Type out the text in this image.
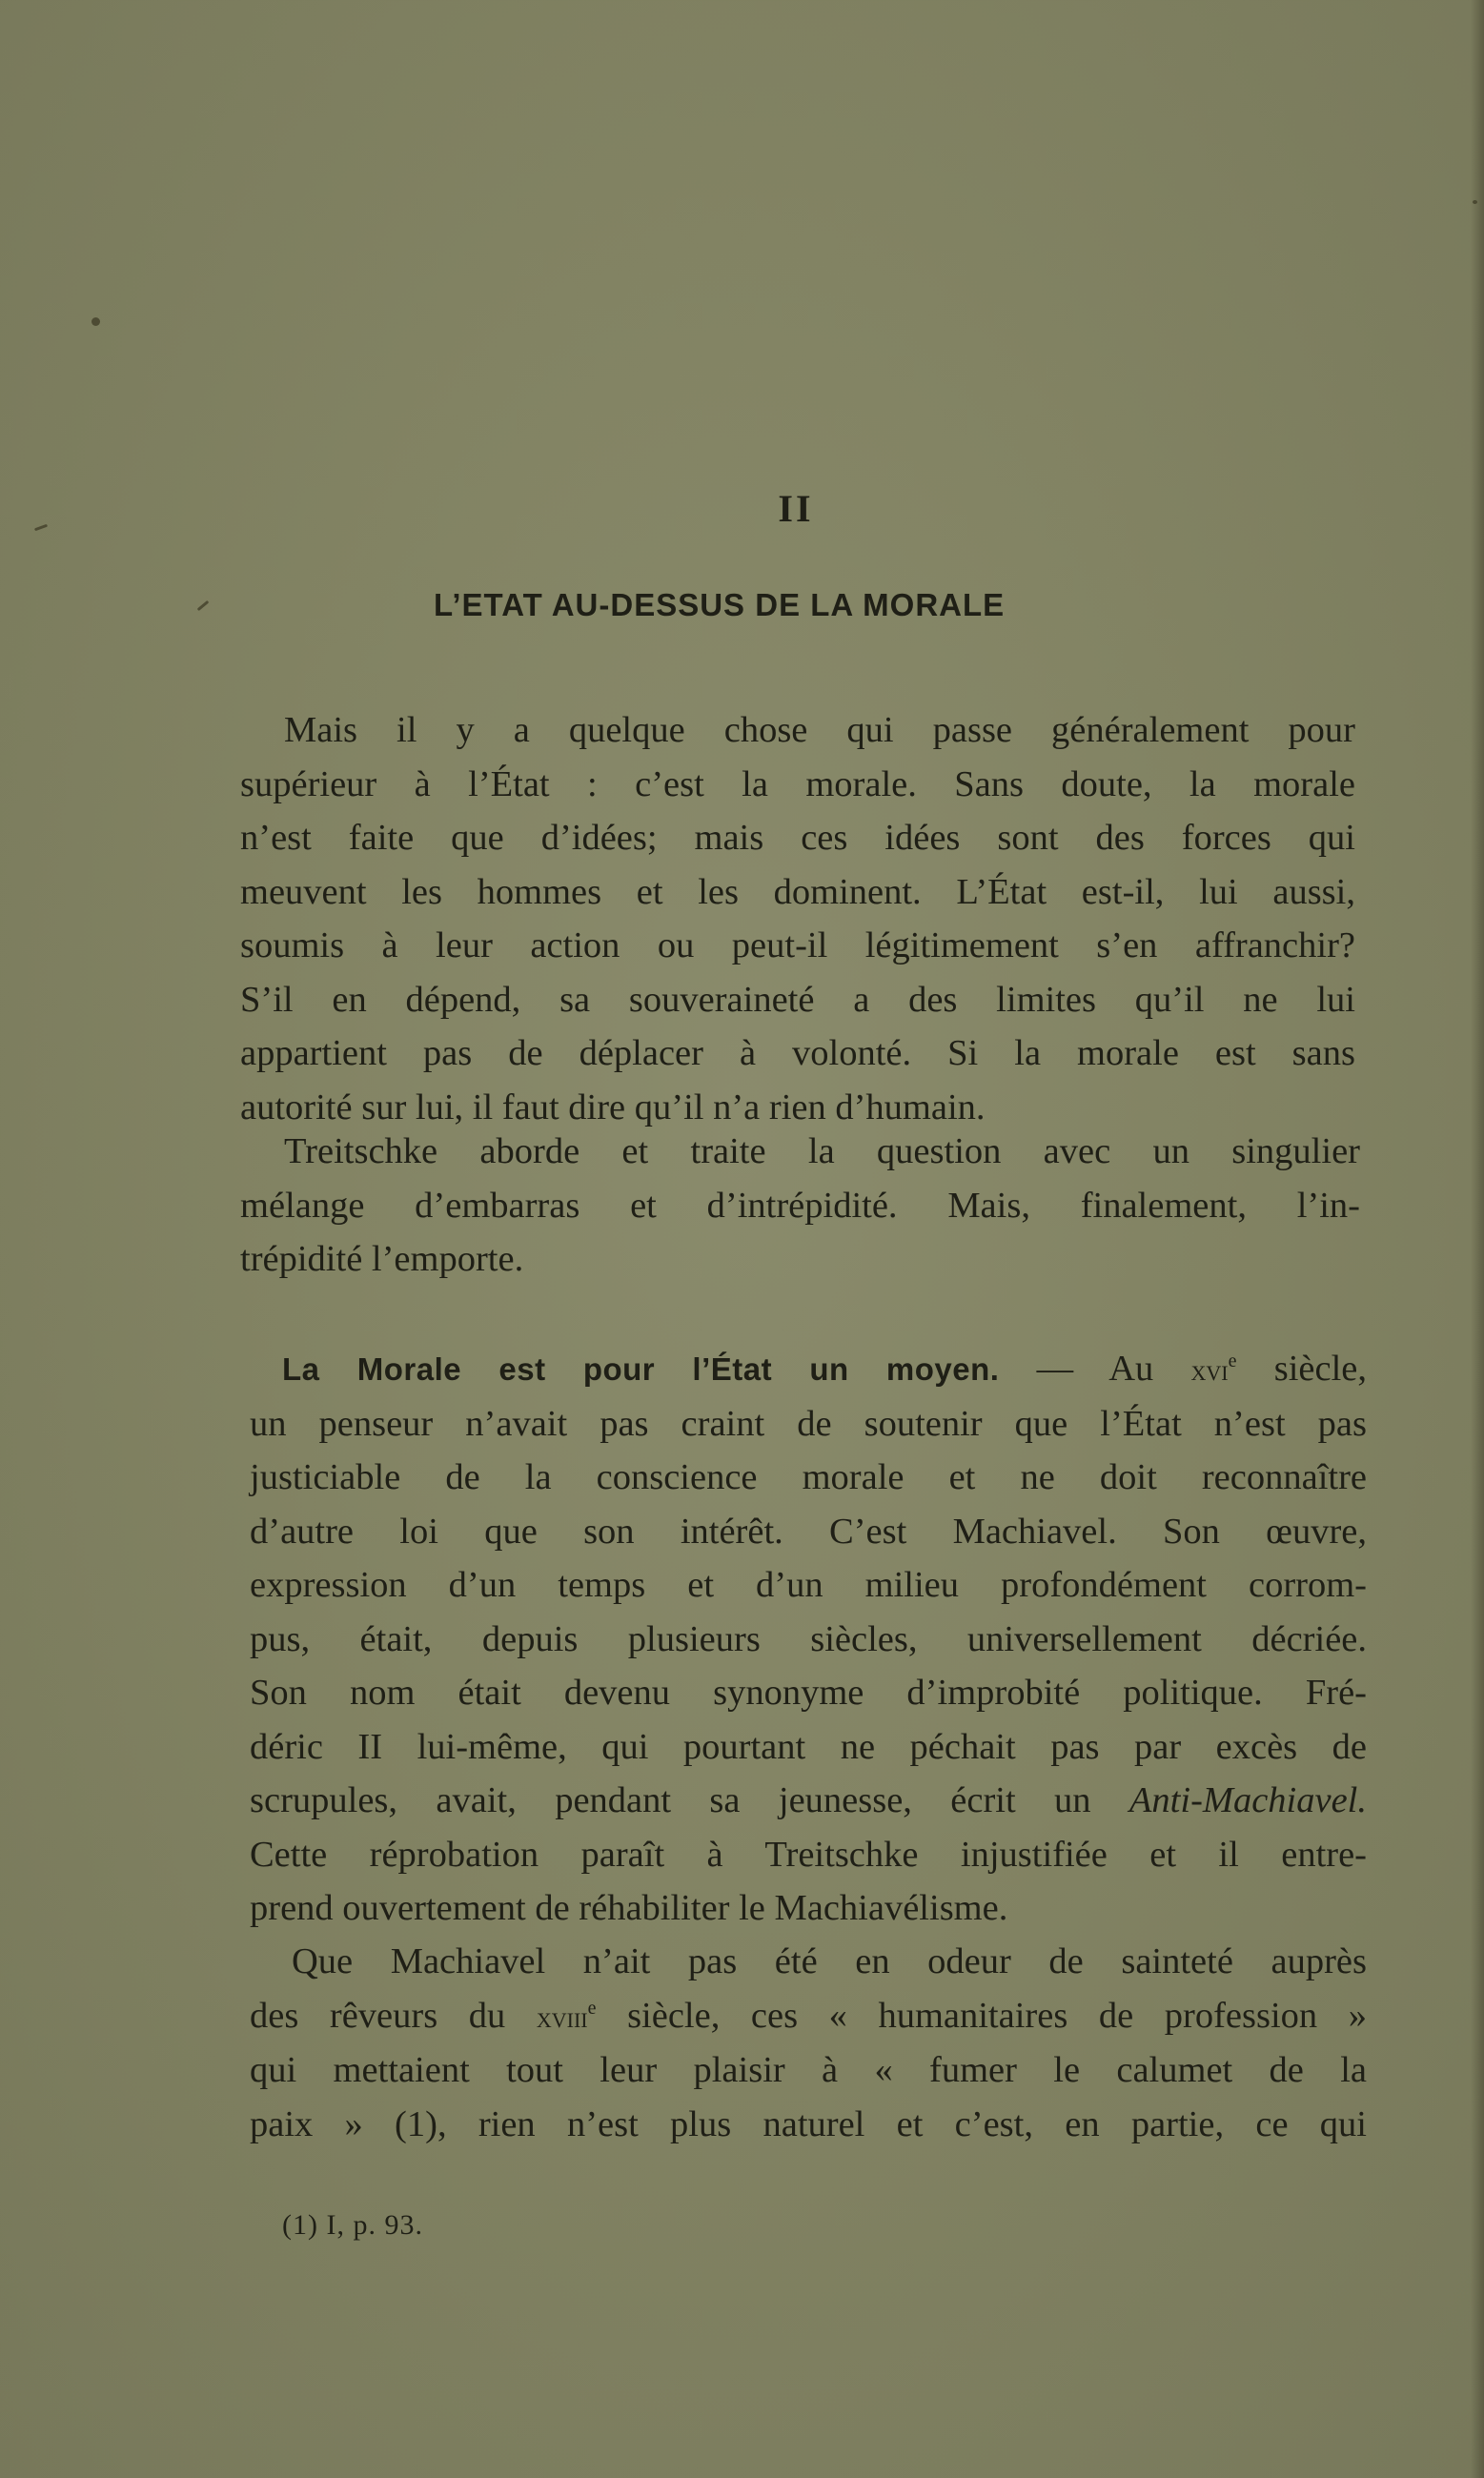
II
L’ETAT AU-DESSUS DE LA MORALE
Mais il y a quelque chose qui passe généralement pour
supérieur à l’État : c’est la morale. Sans doute, la morale
n’est faite que d’idées; mais ces idées sont des forces qui
meuvent les hommes et les dominent. L’État est-il, lui aussi,
soumis à leur action ou peut-il légitimement s’en affranchir?
S’il en dépend, sa souveraineté a des limites qu’il ne lui
appartient pas de déplacer à volonté. Si la morale est sans
autorité sur lui, il faut dire qu’il n’a rien d’humain.
Treitschke aborde et traite la question avec un singulier
mélange d’embarras et d’intrépidité. Mais, finalement, l’in-
trépidité l’emporte.
La Morale est pour l’État un moyen. — Au xvi$^e$ siècle,
un penseur n’avait pas craint de soutenir que l’État n’est pas
justiciable de la conscience morale et ne doit reconnaître
d’autre loi que son intérêt. C’est Machiavel. Son œuvre,
expression d’un temps et d’un milieu profondément corrom-
pus, était, depuis plusieurs siècles, universellement décriée.
Son nom était devenu synonyme d’improbité politique. Fré-
déric II lui-même, qui pourtant ne péchait pas par excès de
scrupules, avait, pendant sa jeunesse, écrit un Anti-Machiavel.
Cette réprobation paraît à Treitschke injustifiée et il entre-
prend ouvertement de réhabiliter le Machiavélisme.
Que Machiavel n’ait pas été en odeur de sainteté auprès
des rêveurs du xviii$^e$ siècle, ces « humanitaires de profession »
qui mettaient tout leur plaisir à « fumer le calumet de la
paix » (1), rien n’est plus naturel et c’est, en partie, ce qui
(1) I, p. 93.
